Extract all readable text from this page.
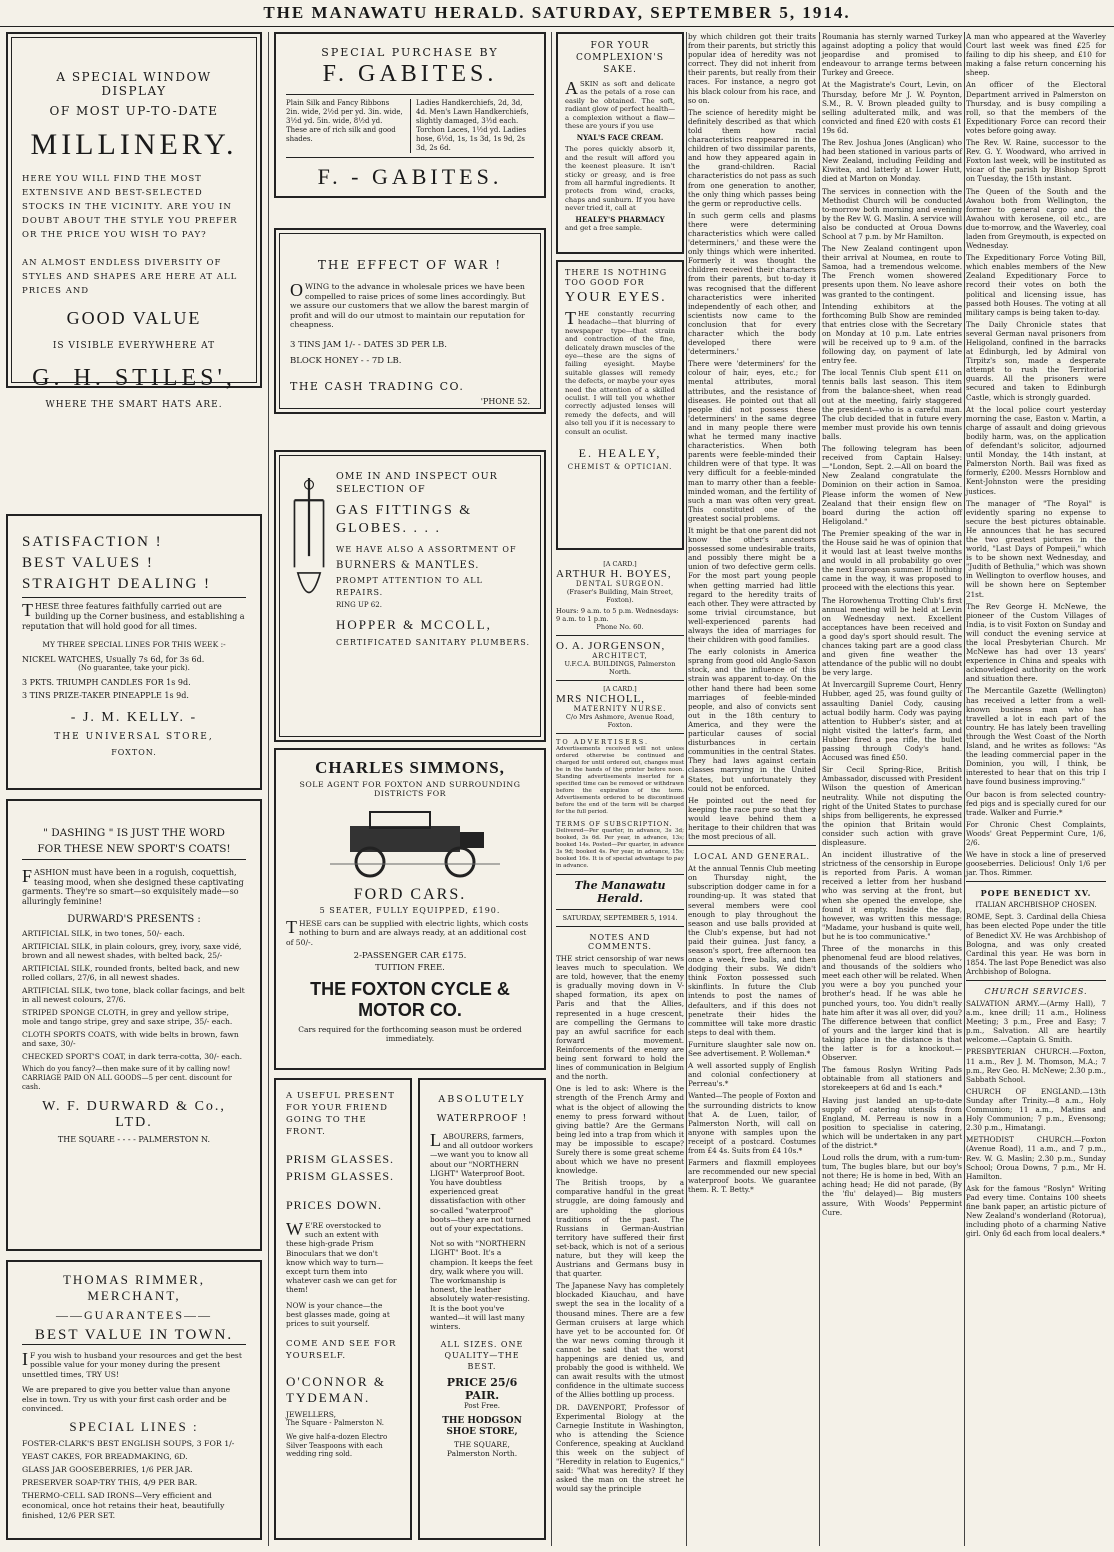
THE MANAWATU HERALD. SATURDAY, SEPTEMBER 5, 1914.
A SPECIAL WINDOW DISPLAY
OF MOST UP-TO-DATE
MILLINERY.
HERE YOU WILL FIND THE MOST EXTENSIVE AND BEST-SELECTED STOCKS IN THE VICINITY. ARE YOU IN DOUBT ABOUT THE STYLE YOU PREFER OR THE PRICE YOU WISH TO PAY?
AN ALMOST ENDLESS DIVERSITY OF STYLES AND SHAPES ARE HERE AT ALL PRICES AND
GOOD VALUE
IS VISIBLE EVERYWHERE AT
G. H. STILES',
WHERE THE SMART HATS ARE.
SATISFACTION !
BEST VALUES !
STRAIGHT DEALING !
THESE three features faithfully carried out are building up the Corner business, and establishing a reputation that will hold good for all times.
MY THREE SPECIAL LINES FOR THIS WEEK :-
NICKEL WATCHES, Usually 7s 6d, for 3s 6d.
(No guarantee, take your pick).
3 PKTS. TRIUMPH CANDLES FOR 1s 9d.
3 TINS PRIZE-TAKER PINEAPPLE 1s 9d.
- J. M. KELLY. -
THE UNIVERSAL STORE,
FOXTON.
" DASHING " IS JUST THE WORD
FOR THESE NEW SPORT'S COATS!
FASHION must have been in a roguish, coquettish, teasing mood, when she designed these captivating garments. They're so smart—so exquisitely made—so alluringly feminine!
DURWARD'S PRESENTS :

ARTIFICIAL SILK, in two tones, 50/- each.

ARTIFICIAL SILK, in plain colours, grey, ivory, saxe vidé, brown and all newest shades, with belted back, 25/-

ARTIFICIAL SILK, rounded fronts, belted back, and new rolled collars, 27/6, in all newest shades.

ARTIFICIAL SILK, two tone, black collar facings, and belt in all newest colours, 27/6.

STRIPED SPONGE CLOTH, in grey and yellow stripe, mole and tango stripe, grey and saxe stripe, 35/- each.

CLOTH SPORTS COATS, with wide belts in brown, fawn and saxe, 30/-

CHECKED SPORT'S COAT, in dark terra-cotta, 30/- each.

Which do you fancy?—then make sure of it by calling now! CARRIAGE PAID ON ALL GOODS—5 per cent. discount for cash.
W. F. DURWARD & Co., LTD.
THE SQUARE - - - - PALMERSTON N.
THOMAS RIMMER, MERCHANT,
——GUARANTEES——
BEST VALUE IN TOWN.
IF you wish to husband your resources and get the best possible value for your money during the present unsettled times, TRY US!
We are prepared to give you better value than anyone else in town. Try us with your first cash order and be convinced.
SPECIAL LINES :

FOSTER-CLARK'S BEST ENGLISH SOUPS, 3 FOR 1/-

YEAST CAKES, FOR BREADMAKING, 6D.

GLASS JAR GOOSEBERRIES, 1/6 PER JAR.

PRESERVER SOAP-TRY THIS, 4/9 PER BAR.

THERMO-CELL SAD IRONS—Very efficient and economical, once hot retains their heat, beautifully finished, 12/6 PER SET.

SPECIAL PURCHASE BY
F. GABITES.
Plain Silk and Fancy Ribbons 2in. wide, 2½d per yd. 3in. wide, 3½d yd. 5in. wide, 8½d yd. These are of rich silk and good shades.
Ladies Handkerchiefs, 2d, 3d, 4d. Men's Lawn Handkerchiefs, slightly damaged, 3½d each. Torchon Laces, 1½d yd. Ladies hose, 6½d, 1s, 1s 3d, 1s 9d, 2s 3d, 2s 6d.
F. - GABITES.
THE EFFECT OF WAR !
OWING to the advance in wholesale prices we have been compelled to raise prices of some lines accordingly. But we assure our customers that we allow the barest margin of profit and will do our utmost to maintain our reputation for cheapness.
3 TINS JAM 1/- - DATES 3D PER LB.
BLOCK HONEY - - 7D LB.
THE CASH TRADING CO.
'PHONE 52.
OME IN AND INSPECT OUR SELECTION OF
GAS FITTINGS & GLOBES. . . .
WE HAVE ALSO A ASSORTMENT OF
BURNERS & MANTLES.
PROMPT ATTENTION TO ALL REPAIRS.
RING UP 62.
HOPPER & MCCOLL,
CERTIFICATED SANITARY PLUMBERS.
CHARLES SIMMONS,
SOLE AGENT FOR FOXTON AND SURROUNDING DISTRICTS FOR
FORD CARS.
5 SEATER, FULLY EQUIPPED, £190.
THESE cars can be supplied with electric lights, which costs nothing to burn and are always ready, at an additional cost of 50/-.
2-PASSENGER CAR £175.
TUITION FREE.
THE FOXTON CYCLE & MOTOR CO.
Cars required for the forthcoming season must be ordered immediately.
A USEFUL PRESENT FOR YOUR FRIEND GOING TO THE FRONT.
PRISM GLASSES.
PRISM GLASSES.
PRICES DOWN.
WE'RE overstocked to such an extent with these high-grade Prism Binoculars that we don't know which way to turn—except turn them into whatever cash we can get for them!
NOW is your chance—the best glasses made, going at prices to suit yourself.
COME AND SEE FOR YOURSELF.
O'CONNOR & TYDEMAN.
JEWELLERS,
The Square - Palmerston N.
We give half-a-dozen Electro Silver Teaspoons with each wedding ring sold.
ABSOLUTELY
WATERPROOF !
LABOURERS, farmers, and all outdoor workers—we want you to know all about our "NORTHERN LIGHT" Waterproof Boot. You have doubtless experienced great dissatisfaction with other so-called "waterproof" boots—they are not turned out of your expectations.
Not so with "NORTHERN LIGHT" Boot. It's a champion. It keeps the feet dry, walk where you will. The workmanship is honest, the leather absolutely water-resisting. It is the boot you've wanted—it will last many winters.
ALL SIZES. ONE QUALITY—THE BEST.
PRICE 25/6 PAIR.
Post Free.
THE HODGSON SHOE STORE,
THE SQUARE,
Palmerston North.
FOR YOUR COMPLEXION'S SAKE.
ASKIN as soft and delicate as the petals of a rose can easily be obtained. The soft, radiant glow of perfect health—a complexion without a flaw—these are yours if you use
NYAL'S FACE CREAM.
The pores quickly absorb it, and the result will afford you the keenest pleasure. It isn't sticky or greasy, and is free from all harmful ingredients. It protects from wind, cracks, chaps and sunburn. If you have never tried it, call at
HEALEY'S PHARMACY
and get a free sample.
THERE IS NOTHING TOO GOOD FOR
YOUR EYES.
THE constantly recurring headache—that blurring of newspaper type—that strain and contraction of the fine, delicately drawn muscles of the eye—these are the signs of failing eyesight. Maybe suitable glasses will remedy the defects, or maybe your eyes need the attention of a skilled oculist. I will tell you whether correctly adjusted lenses will remedy the defects, and will also tell you if it is necessary to consult an oculist.
E. HEALEY,
CHEMIST & OPTICIAN.
[A CARD.]
ARTHUR H. BOYES,
DENTAL SURGEON.
(Fraser's Building, Main Street, Foxton).
Hours: 9 a.m. to 5 p.m. Wednesdays: 9 a.m. to 1 p.m.
Phone No. 60.
O. A. JORGENSON,
ARCHITECT,
U.F.C.A. BUILDINGS, Palmerston North.
[A CARD.]
MRS NICHOLL,
MATERNITY NURSE.
C/o Mrs Ashmore, Avenue Road, Foxton.
TO ADVERTISERS.
Advertisements received will not unless ordered otherwise be continued and charged for until ordered out, changes must be in the hands of the printer before noon. Standing advertisements inserted for a specified time can be removed or withdrawn before the expiration of the term. Advertisements ordered to be discontinued before the end of the term will be charged for the full period.
TERMS OF SUBSCRIPTION.
Delivered—Per quarter, in advance, 3s 3d; booked, 3s 6d. Per year, in advance, 13s; booked 14s. Posted—Per quarter, in advance 3s 9d; booked 4s. Per year, in advance, 15s; booked 16s. It is of special advantage to pay in advance.
The Manawatu Herald.
SATURDAY, SEPTEMBER 5, 1914.
NOTES AND COMMENTS.

THE strict censorship of war news leaves much to speculation. We are told, however, that the enemy is gradually moving down in V-shaped formation, its apex on Paris and that the Allies, represented in a huge crescent, are compelling the Germans to pay an awful sacrifice for each forward movement. Reinforcements of the enemy are being sent forward to hold the lines of communication in Belgium and the north.

One is led to ask: Where is the strength of the French Army and what is the object of allowing the enemy to press forward without giving battle? Are the Germans being led into a trap from which it may be impossible to escape? Surely there is some great scheme about which we have no present knowledge.

The British troops, by a comparative handful in the great struggle, are doing famously and are upholding the glorious traditions of the past. The Russians in German-Austrian territory have suffered their first set-back, which is not of a serious nature, but they will keep the Austrians and Germans busy in that quarter.

The Japanese Navy has completely blockaded Kiauchau, and have swept the sea in the locality of a thousand mines. There are a few German cruisers at large which have yet to be accounted for. Of the war news coming through it cannot be said that the worst happenings are denied us, and probably the good is withheld. We can await results with the utmost confidence in the ultimate success of the Allies bottling up process.

DR. DAVENPORT, Professor of Experimental Biology at the Carnegie Institute in Washington, who is attending the Science Conference, speaking at Auckland this week on the subject of "Heredity in relation to Eugenics," said: "What was heredity? If they asked the man on the street he would say the principle

by which children got their traits from their parents, but strictly this popular idea of heredity was not correct. They did not inherit from their parents, but really from their races. For instance, a negro got his black colour from his race, and so on.

The science of heredity might be definitely described as that which told them how racial characteristics reappeared in the children of two dissimilar parents, and how they appeared again in the grand-children. Racial characteristics do not pass as such from one generation to another, the only thing which passes being the germ or reproductive cells.

In such germ cells and plasms there were determining characteristics which were called 'determiners,' and these were the only things which were inherited. Formerly it was thought the children received their characters from their parents, but to-day it was recognised that the different characteristics were inherited independently of each other, and scientists now came to the conclusion that for every character which the body developed there were 'determiners.'

There were 'determiners' for the colour of hair, eyes, etc.; for mental attributes, moral attributes, and the resistance of diseases. He pointed out that all people did not possess these 'determiners' in the same degree and in many people there were what he termed many inactive characteristics. When both parents were feeble-minded their children were of that type. It was very difficult for a feeble-minded man to marry other than a feeble-minded woman, and the fertility of such a man was often very great. This constituted one of the greatest social problems.

It might be that one parent did not know the other's ancestors possessed some undesirable traits, and possibly there might be a union of two defective germ cells. For the most part young people when getting married had little regard to the heredity traits of each other. They were attracted by some trivial circumstance, but well-experienced parents had always the idea of marriages for their children with good families.

The early colonists in America sprang from good old Anglo-Saxon stock, and the influence of this strain was apparent to-day. On the other hand there had been some marriages of feeble-minded people, and also of convicts sent out in the 18th century to America, and they were the particular causes of social disturbances in certain communities in the central States. They had laws against certain classes marrying in the United States, but unfortunately they could not be enforced.

He pointed out the need for keeping the race pure so that they would leave behind them a heritage to their children that was the most precious of all.

LOCAL AND GENERAL.

At the annual Tennis Club meeting on Thursday night, the subscription dodger came in for a rounding-up. It was stated that several members were cool enough to play throughout the season and use balls provided at the Club's expense, but had not paid their guinea. Just fancy, a season's sport, free afternoon tea once a week, free balls, and then dodging their subs. We didn't think Foxton possessed such skinflints. In future the Club intends to post the names of defaulters, and if this does not penetrate their hides the committee will take more drastic steps to deal with them.

Furniture slaughter sale now on. See advertisement. P. Wolleman.*

A well assorted supply of English and colonial confectionery at Perreau's.*

Wanted—The people of Foxton and the surrounding districts to know that A. de Luen, tailor, of Palmerston North, will call on anyone with samples upon the receipt of a postcard. Costumes from £4 4s. Suits from £4 10s.*

Farmers and flaxmill employees are recommended our new special waterproof boots. We guarantee them. R. T. Betty.*

Roumania has sternly warned Turkey against adopting a policy that would jeopardise and promised to endeavour to arrange terms between Turkey and Greece.

At the Magistrate's Court, Levin, on Thursday, before Mr J. W. Poynton, S.M., R. V. Brown pleaded guilty to selling adulterated milk, and was convicted and fined £20 with costs £1 19s 6d.

The Rev. Joshua Jones (Anglican) who had been stationed in various parts of New Zealand, including Feilding and Kiwitea, and latterly at Lower Hutt, died at Marton on Monday.

The services in connection with the Methodist Church will be conducted to-morrow both morning and evening by the Rev W. G. Maslin. A service will also be conducted at Oroua Downs School at 7 p.m. by Mr Hamilton.

The New Zealand contingent upon their arrival at Noumea, en route to Samoa, had a tremendous welcome. The French women showered presents upon them. No leave ashore was granted to the contingent.

Intending exhibitors at the forthcoming Bulb Show are reminded that entries close with the Secretary on Monday at 10 p.m. Late entries will be received up to 9 a.m. of the following day, on payment of late entry fee.

The local Tennis Club spent £11 on tennis balls last season. This item from the balance-sheet, when read out at the meeting, fairly staggered the president—who is a careful man. The club decided that in future every member must provide his own tennis balls.

The following telegram has been received from Captain Halsey:—"London, Sept. 2.—All on board the New Zealand congratulate the Dominion on their action in Samoa. Please inform the women of New Zealand that their ensign flew on board during the action off Heligoland."

The Premier speaking of the war in the House said he was of opinion that it would last at least twelve months and would in all probability go over the next European summer. If nothing came in the way, it was proposed to proceed with the elections this year.

The Horowhenua Trotting Club's first annual meeting will be held at Levin on Wednesday next. Excellent acceptances have been received and a good day's sport should result. The chances taking part are a good class and given fine weather the attendance of the public will no doubt be very large.

At Invercargill Supreme Court, Henry Hubber, aged 25, was found guilty of assaulting Daniel Cody, causing actual bodily harm. Cody was paying attention to Hubber's sister, and at night visited the latter's farm, and Hubber fired a pea rifle, the bullet passing through Cody's hand. Accused was fined £50.

Sir Cecil Spring-Rice, British Ambassador, discussed with President Wilson the question of American neutrality. While not disputing the right of the United States to purchase ships from belligerents, he expressed the opinion that Britain would consider such action with grave displeasure.

An incident illustrative of the strictness of the censorship in Europe is reported from Paris. A woman received a letter from her husband who was serving at the front, but when she opened the envelope, she found it empty. Inside the flap, however, was written this message: "Madame, your husband is quite well, but he is too communicative."

Three of the monarchs in this phenomenal feud are blood relatives, and thousands of the soldiers who meet each other will be related. When you were a boy you punched your brother's head. If he was able he punched yours, too. You didn't really hate him after it was all over, did you? The difference between that conflict of yours and the larger kind that is taking place in the distance is that the latter is for a knockout.—Observer.

The famous Roslyn Writing Pads obtainable from all stationers and storekeepers at 6d and 1s each.*

Having just landed an up-to-date supply of catering utensils from England, M. Perreau is now in a position to specialise in catering, which will be undertaken in any part of the district.*

Loud rolls the drum, with a rum-tum-tum, The bugles blare, but our boy's not there; He is home in bed, With an aching head; He did not parade, (By the 'flu' delayed)— Big musters assure, With Woods' Peppermint Cure.

A man who appeared at the Waverley Court last week was fined £25 for failing to dip his sheep, and £10 for making a false return concerning his sheep.

An officer of the Electoral Department arrived in Palmerston on Thursday, and is busy compiling a roll, so that the members of the Expeditionary Force can record their votes before going away.

The Rev. W. Raine, successor to the Rev. G. Y. Woodward, who arrived in Foxton last week, will be instituted as vicar of the parish by Bishop Sprott on Tuesday, the 15th instant.

The Queen of the South and the Awahou both from Wellington, the former to general cargo and the Awahou with kerosene, oil etc., are due to-morrow, and the Waverley, coal laden from Greymouth, is expected on Wednesday.

The Expeditionary Force Voting Bill, which enables members of the New Zealand Expeditionary Force to record their votes on both the political and licensing issue, has passed both Houses. The voting at all military camps is being taken to-day.

The Daily Chronicle states that several German naval prisoners from Heligoland, confined in the barracks at Edinburgh, led by Admiral von Tirpitz's son, made a desperate attempt to rush the Territorial guards. All the prisoners were secured and taken to Edinburgh Castle, which is strongly guarded.

At the local police court yesterday morning the case, Easton v. Martin, a charge of assault and doing grievous bodily harm, was, on the application of defendant's solicitor, adjourned until Monday, the 14th instant, at Palmerston North. Bail was fixed as formerly, £200. Messrs Hornblow and Kent-Johnston were the presiding justices.

The manager of "The Royal" is evidently sparing no expense to secure the best pictures obtainable. He announces that he has secured the two greatest pictures in the world, "Last Days of Pompeii," which is to be shown next Wednesday, and "Judith of Bethulia," which was shown in Wellington to overflow houses, and will be shown here on September 21st.

The Rev George H. McNewe, the pioneer of the Custom Villages of India, is to visit Foxton on Sunday and will conduct the evening service at the local Presbyterian Church. Mr McNewe has had over 13 years' experience in China and speaks with acknowledged authority on the work and situation there.

The Mercantile Gazette (Wellington) has received a letter from a well-known business man who has travelled a lot in each part of the country. He has lately been travelling through the West Coast of the North Island, and he writes as follows: "As the leading commercial paper in the Dominion, you will, I think, be interested to hear that on this trip I have found business improving."

Our bacon is from selected country-fed pigs and is specially cured for our trade. Walker and Furrie.*

For Chronic Chest Complaints, Woods' Great Peppermint Cure, 1/6, 2/6.

We have in stock a line of preserved gooseberries. Delicious! Only 1/6 per jar. Thos. Rimmer.

POPE BENEDICT XV.
ITALIAN ARCHBISHOP CHOSEN.
ROME, Sept. 3. Cardinal della Chiesa has been elected Pope under the title of Benedict XV. He was Archbishop of Bologna, and was only created Cardinal this year. He was born in 1854. The last Pope Benedict was also Archbishop of Bologna.
CHURCH SERVICES.

SALVATION ARMY.—(Army Hall), 7 a.m., knee drill; 11 a.m., Holiness Meeting; 3 p.m., Free and Easy; 7 p.m., Salvation. All are heartily welcome.—Captain G. Smith.

PRESBYTERIAN CHURCH.—Foxton, 11 a.m., Rev J. M. Thomson, M.A.; 7 p.m., Rev Geo. H. McNewe; 2.30 p.m., Sabbath School.

CHURCH OF ENGLAND.—13th Sunday after Trinity.—8 a.m., Holy Communion; 11 a.m., Matins and Holy Communion; 7 p.m., Evensong; 2.30 p.m., Himatangi.

METHODIST CHURCH.—Foxton (Avenue Road), 11 a.m., and 7 p.m., Rev. W. G. Maslin; 2.30 p.m., Sunday School; Oroua Downs, 7 p.m., Mr H. Hamilton.

Ask for the famous "Roslyn" Writing Pad every time. Contains 100 sheets fine bank paper, an artistic picture of New Zealand's wonderland (Rotorua), including photo of a charming Native girl. Only 6d each from local dealers.*
